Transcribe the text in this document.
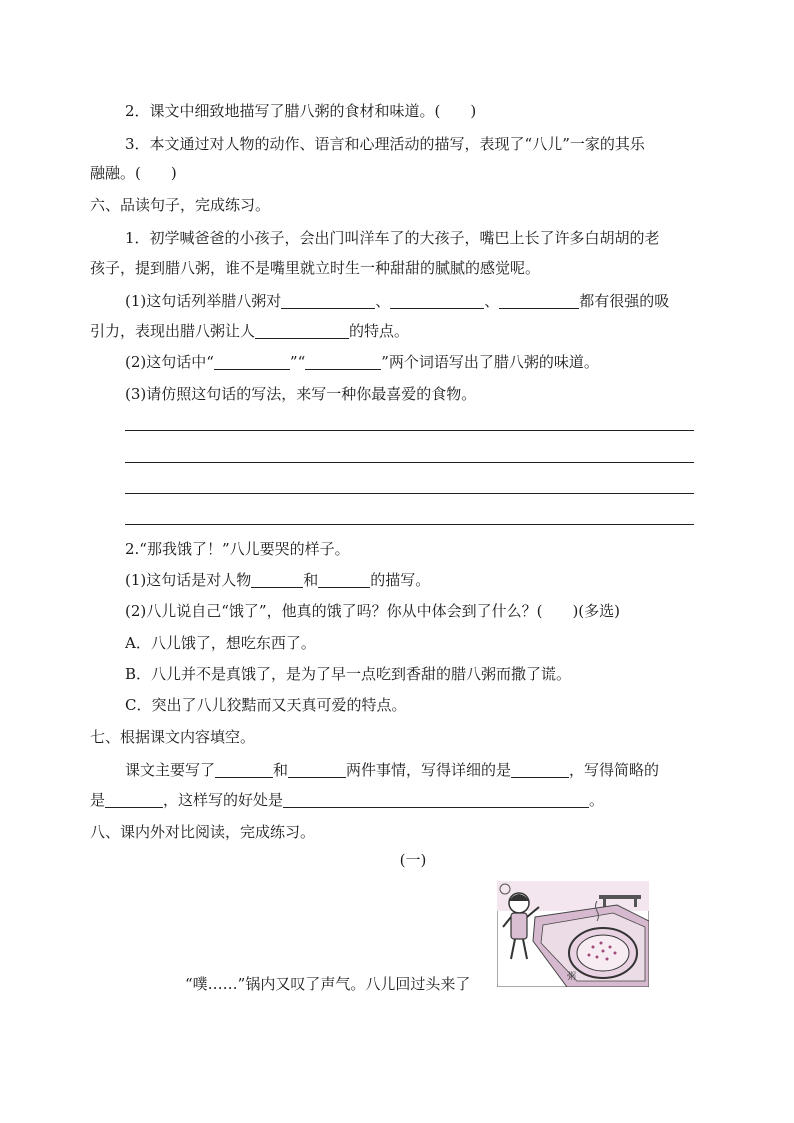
2．课文中细致地描写了腊八粥的食材和味道。(　　)
3．本文通过对人物的动作、语言和心理活动的描写，表现了“八儿”一家的其乐
融融。(　　)
六、品读句子，完成练习。
1．初学喊爸爸的小孩子，会出门叫洋车了的大孩子，嘴巴上长了许多白胡胡的老
孩子，提到腊八粥，谁不是嘴里就立时生一种甜甜的腻腻的感觉呢。
(1)这句话列举腊八粥对	、	、	都有很强的吸
引力，表现出腊八粥让人	的特点。
(2)这句话中“	”“	”两个词语写出了腊八粥的味道。
(3)请仿照这句话的写法，来写一种你最喜爱的食物。
2.“那我饿了！”八儿要哭的样子。
(1)这句话是对人物	和	的描写。
(2)八儿说自己“饿了”，他真的饿了吗？你从中体会到了什么？(　　)(多选)
A．八儿饿了，想吃东西了。
B．八儿并不是真饿了，是为了早一点吃到香甜的腊八粥而撒了谎。
C．突出了八儿狡黠而又天真可爱的特点。
七、根据课文内容填空。
课文主要写了	和	两件事情，写得详细的是	，写得简略的
是	，这样写的好处是	。
八、课内外对比阅读，完成练习。
(一)
“噗……”锅内又叹了声气。八儿回过头来了	粥
